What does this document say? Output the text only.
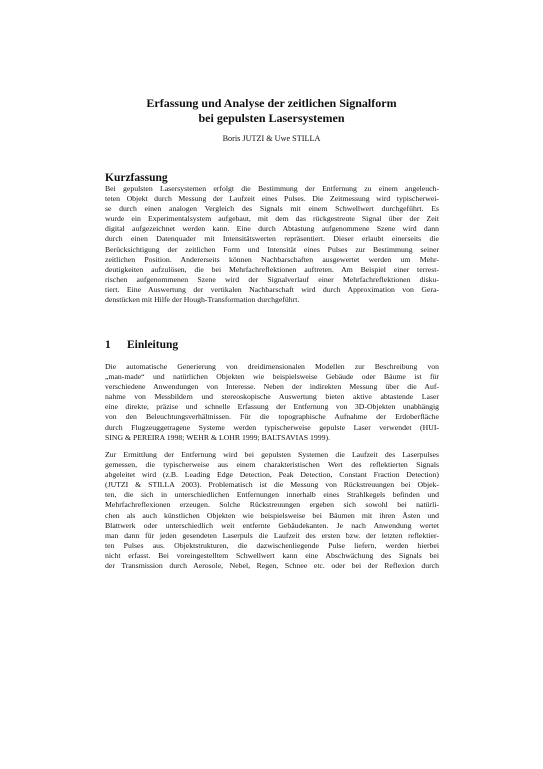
Erfassung und Analyse der zeitlichen Signalform
bei gepulsten Lasersystemen
Boris JUTZI & Uwe STILLA
Kurzfassung
Bei gepulsten Lasersystemen erfolgt die Bestimmung der Entfernung zu einem angeleuch-
teten Objekt durch Messung der Laufzeit eines Pulses. Die Zeitmessung wird typischerwei-
se durch einen analogen Vergleich des Signals mit einem Schwellwert durchgeführt. Es
wurde ein Experimentalsystem aufgebaut, mit dem das rückgestreute Signal über der Zeit
digital aufgezeichnet werden kann. Eine durch Abtastung aufgenommene Szene wird dann
durch einen Datenquader mit Intensitätswerten repräsentiert. Dieser erlaubt einerseits die
Berücksichtigung der zeitlichen Form und Intensität eines Pulses zur Bestimmung seiner
zeitlichen Position. Andererseits können Nachbarschaften ausgewertet werden um Mehr-
deutigkeiten aufzulösen, die bei Mehrfachreflektionen auftreten. Am Beispiel einer terrest-
rischen aufgenommenen Szene wird der Signalverlauf einer Mehrfachreflektionen disku-
tiert. Eine Auswertung der vertikalen Nachbarschaft wird durch Approximation von Gera-
denstücken mit Hilfe der Hough-Transformation durchgeführt.
1 Einleitung
Die automatische Generierung von dreidimensionalen Modellen zur Beschreibung von
„man-made“ und natürlichen Objekten wie beispielsweise Gebäude oder Bäume ist für
verschiedene Anwendungen von Interesse. Neben der indirekten Messung über die Auf-
nahme von Messbildern und stereoskopische Auswertung bieten aktive abtastende Laser
eine direkte, präzise und schnelle Erfassung der Entfernung von 3D-Objekten unabhängig
von den Beleuchtungsverhältnissen. Für die topographische Aufnahme der Erdoberfläche
durch Flugzeuggetragene Systeme werden typischerweise gepulste Laser verwendet (HUI-
SING & PEREIRA 1998; WEHR & LOHR 1999; BALTSAVIAS 1999).
Zur Ermittlung der Entfernung wird bei gepulsten Systemen die Laufzeit des Laserpulses
gemessen, die typischerweise aus einem charakteristischen Wert des reflektierten Signals
abgeleitet wird (z.B. Leading Edge Detection, Peak Detection, Constant Fraction Detection)
(JUTZI & STILLA 2003). Problematisch ist die Messung von Rückstreuungen bei Objek-
ten, die sich in unterschiedlichen Entfernungen innerhalb eines Strahlkegels befinden und
Mehrfachreflexionen erzeugen. Solche Rückstreuungen ergeben sich sowohl bei natürli-
chen als auch künstlichen Objekten wie beispielsweise bei Bäumen mit ihren Ästen und
Blattwerk oder unterschiedlich weit entfernte Gebäudekanten. Je nach Anwendung wertet
man dann für jeden gesendeten Laserpuls die Laufzeit des ersten bzw. der letzten reflektier-
ten Pulses aus. Objektstrukturen, die dazwischenliegende Pulse liefern, werden hierbei
nicht erfasst. Bei voreingestelltem Schwellwert kann eine Abschwächung des Signals bei
der Transmission durch Aerosole, Nebel, Regen, Schnee etc. oder bei der Reflexion durch
